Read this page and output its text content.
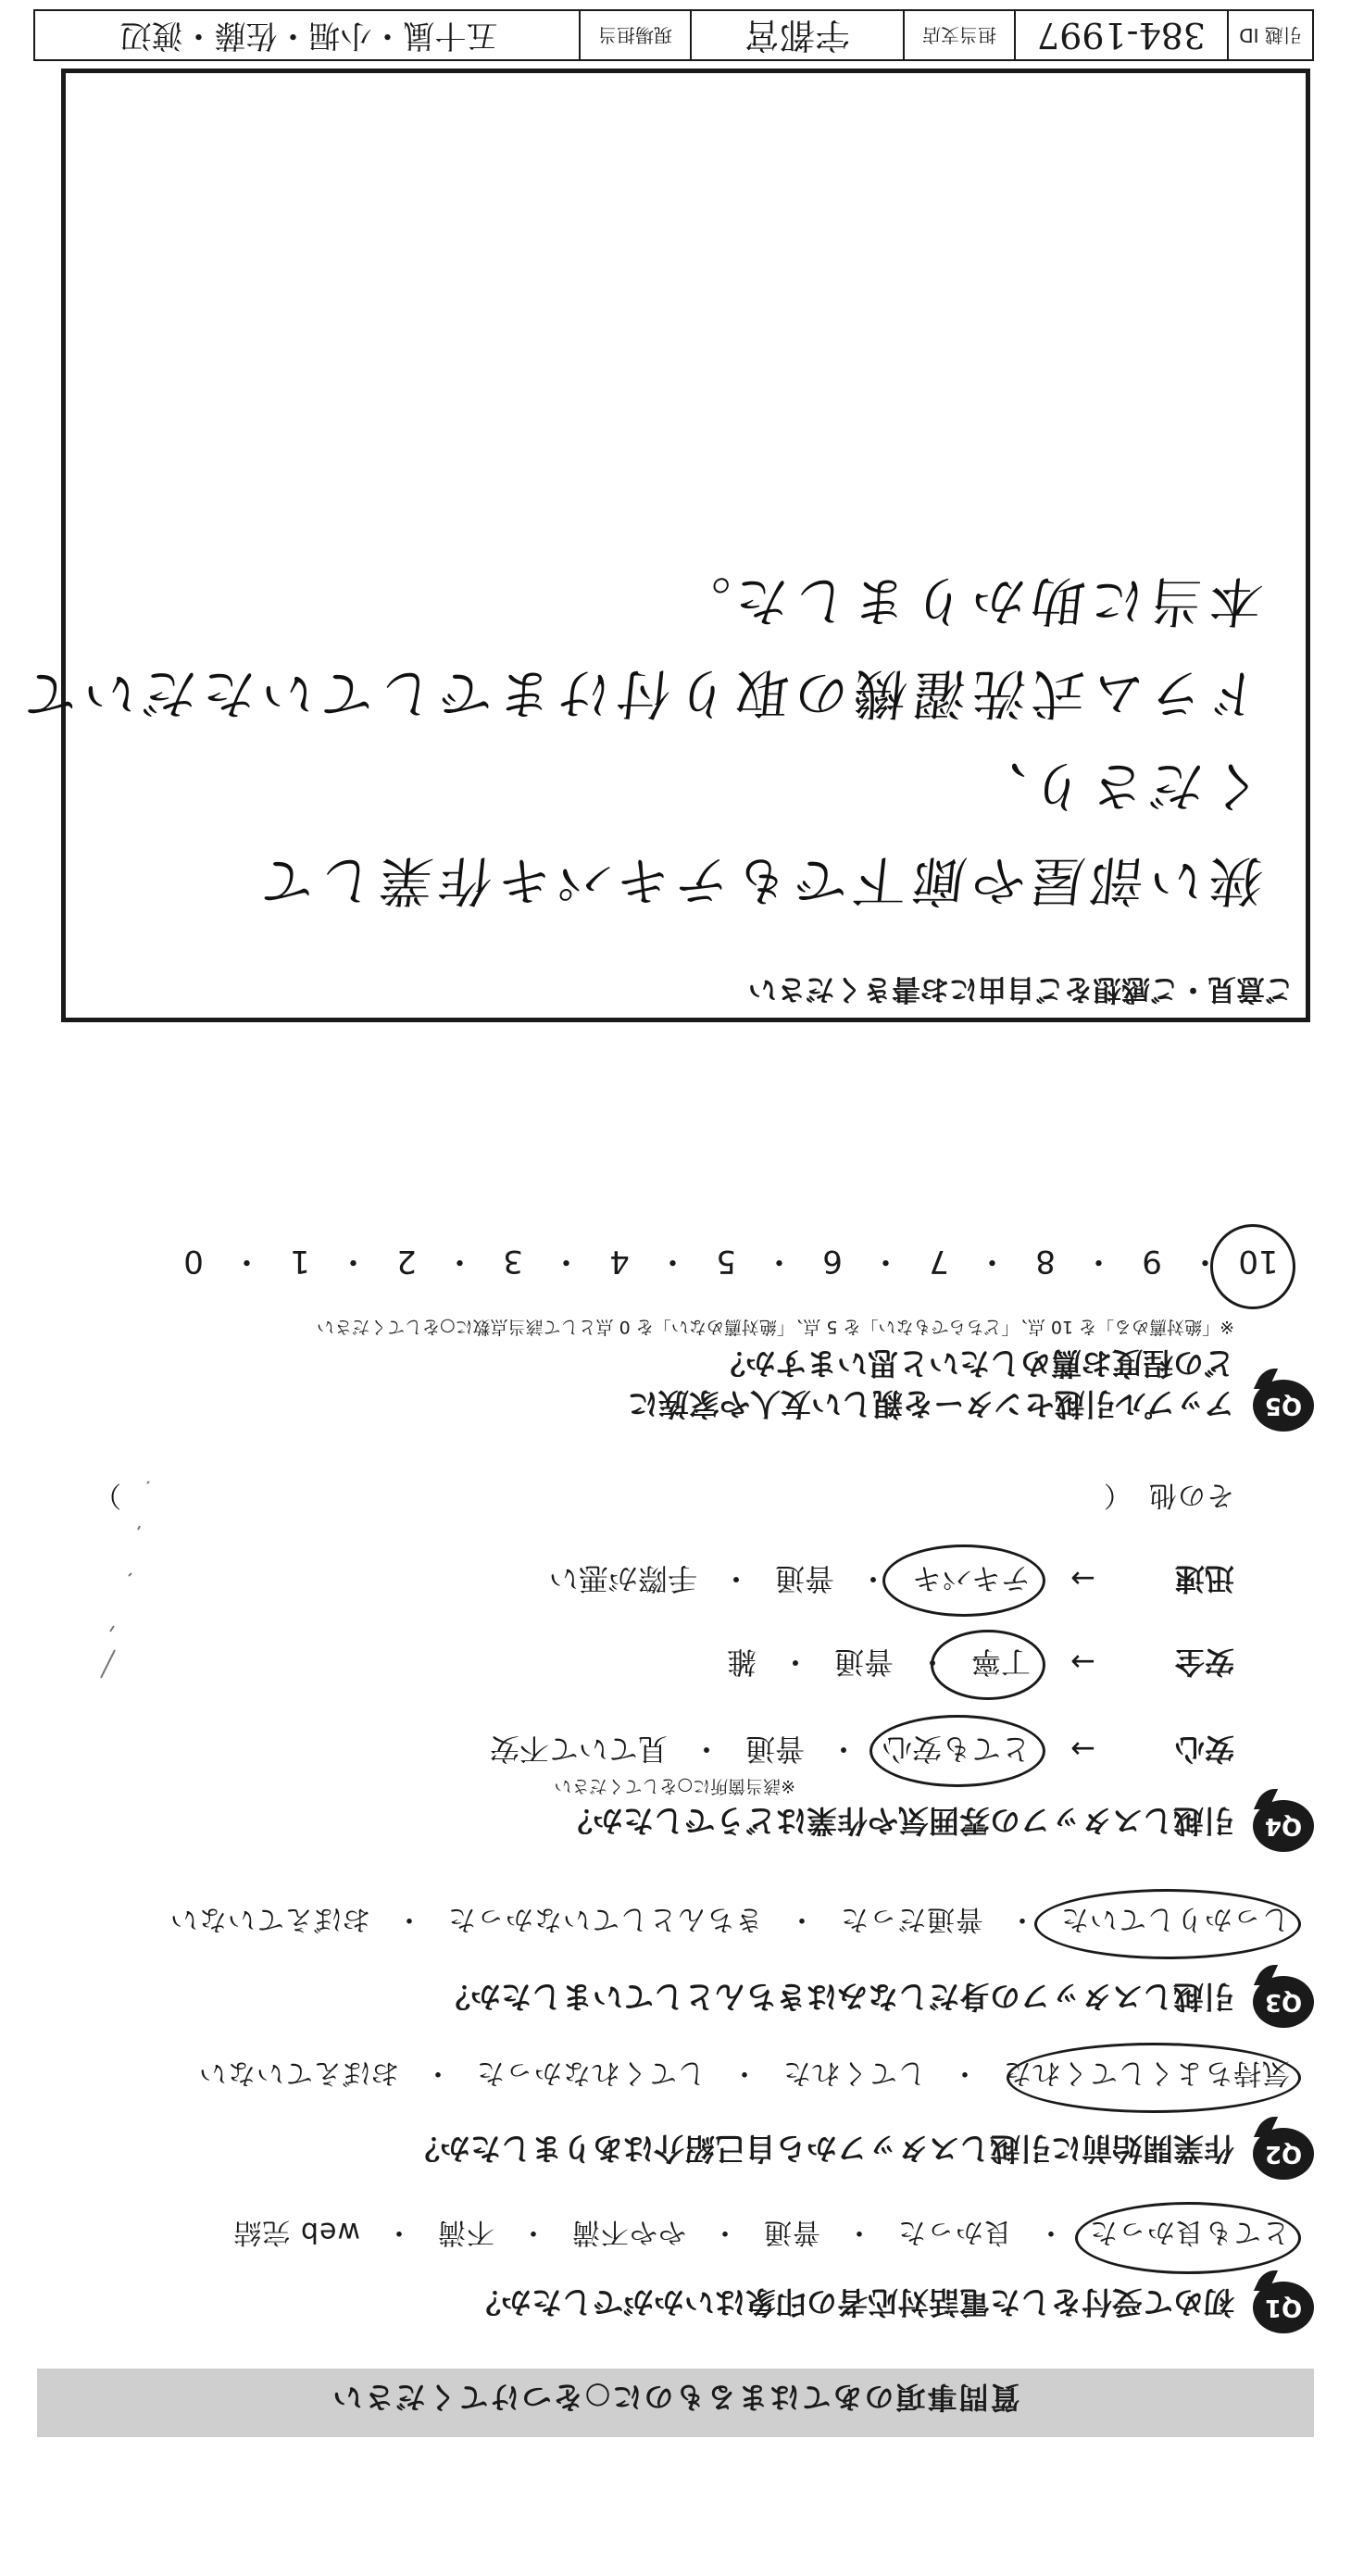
質問事項のあてはまるものに○をつけてください
Q1
初めて受付をした電話対応者の印象はいかがでしたか？
とても良かった・良かった・普通・やや不満・不満・web 完結
Q2
作業開始前に引越しスタッフから自己紹介はありましたか？
気持ちよくしてくれた・してくれた・してくれなかった・おぼえていない
Q3
引越しスタッフの身だしなみはきちんとしていましたか？
しっかりしていた・普通だった・きちんとしていなかった・おぼえていない
Q4
引越しスタッフの雰囲気や作業はどうでしたか？
※該当箇所に○をしてください
安心→とても安心・普通・見ていて不安
安全→丁寧・普通・雑
迅速→テキパキ・普通・手際が悪い
その他（）
Q5
アップル引越センターを親しい友人や家族に
どの程度お薦めしたいと思いますか？
※「絶対薦める」を 10 点、「どちらでもない」を 5 点、「絶対薦めない」を 0 点として該当点数に○をしてください
10・9・8・7・6・5・4・3・2・1・0
ご意見・ご感想をご自由にお書きください
狭い部屋や廊下でもテキパキ作業して
くださり、
ドラム式洗濯機の取り付けまでしていただいて
本当に助かりました。
引越 ID
384-1997
担当支店
宇都宮
現場担当
五十嵐・小堀・佐藤・渡辺
